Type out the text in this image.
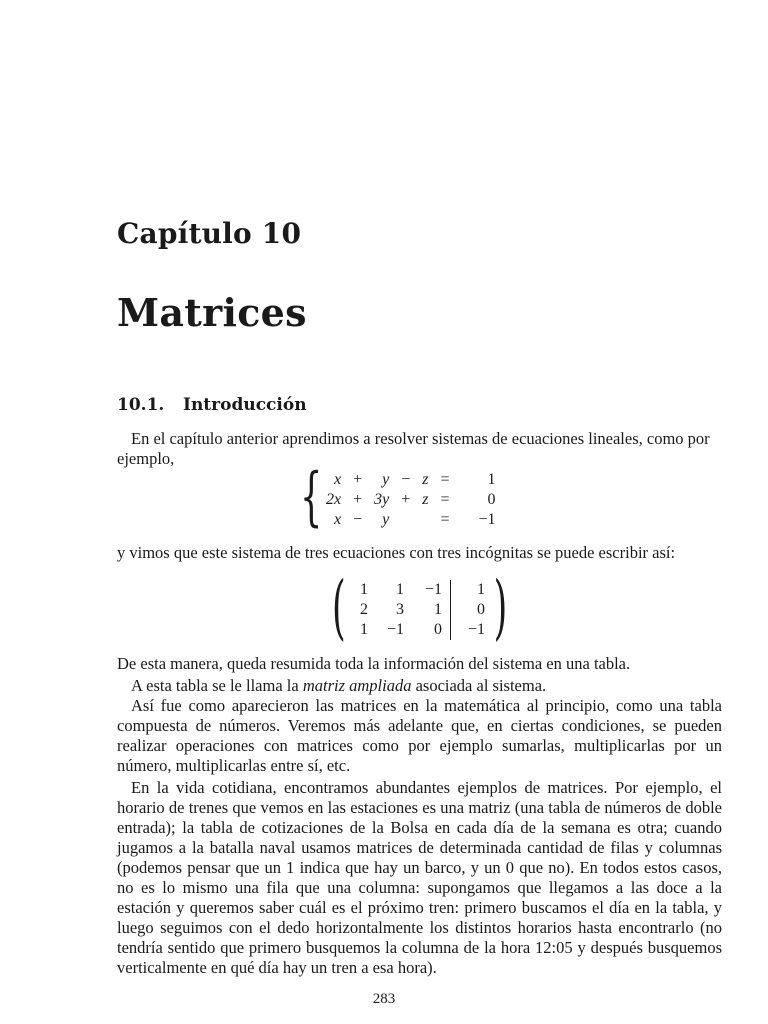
Capítulo 10
Matrices
10.1. Introducción

En el capítulo anterior aprendimos a resolver sistemas de ecuaciones lineales, como por ejemplo,

{ x	+	y	−	z	=	1
2x	+	3y	+	z	=	0
x	−	y			=	−1

y vimos que este sistema de tres ecuaciones con tres incógnitas se puede escribir así:

( 1	1	−1	1
2	3	1	0
1	−1	0	−1 )

De esta manera, queda resumida toda la información del sistema en una tabla.

A esta tabla se le llama la matriz ampliada asociada al sistema.

Así fue como aparecieron las matrices en la matemática al principio, como una tabla compuesta de números. Veremos más adelante que, en ciertas condiciones, se pueden realizar operaciones con matrices como por ejemplo sumarlas, multiplicarlas por un número, multiplicarlas entre sí, etc.

En la vida cotidiana, encontramos abundantes ejemplos de matrices. Por ejemplo, el horario de trenes que vemos en las estaciones es una matriz (una tabla de números de doble entrada); la tabla de cotizaciones de la Bolsa en cada día de la semana es otra; cuando jugamos a la batalla naval usamos matrices de determinada cantidad de filas y columnas (podemos pensar que un 1 indica que hay un barco, y un 0 que no). En todos estos casos, no es lo mismo una fila que una columna: supongamos que llegamos a las doce a la estación y queremos saber cuál es el próximo tren: primero buscamos el día en la tabla, y luego seguimos con el dedo horizontalmente los distintos horarios hasta encontrarlo (no tendría sentido que primero busquemos la columna de la hora 12:05 y después busquemos verticalmente en qué día hay un tren a esa hora).

283
